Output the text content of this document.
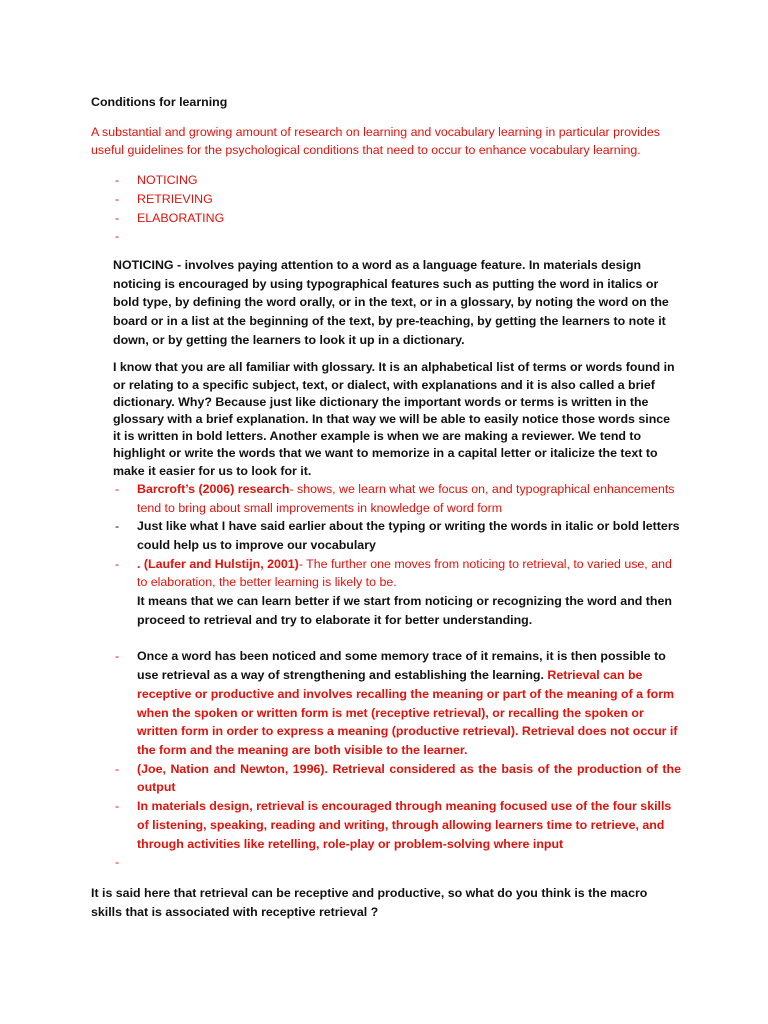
Conditions for learning

A substantial and growing amount of research on learning and vocabulary learning in particular provides useful guidelines for the psychological conditions that need to occur to enhance vocabulary learning.

- NOTICING
- RETRIEVING
- ELABORATING
-

NOTICING - involves paying attention to a word as a language feature. In materials design noticing is encouraged by using typographical features such as putting the word in italics or bold type, by defining the word orally, or in the text, or in a glossary, by noting the word on the board or in a list at the beginning of the text, by pre-teaching, by getting the learners to note it down, or by getting the learners to look it up in a dictionary.

I know that you are all familiar with glossary. It is an alphabetical list of terms or words found in or relating to a specific subject, text, or dialect, with explanations and it is also called a brief dictionary. Why? Because just like dictionary the important words or terms is written in the glossary with a brief explanation. In that way we will be able to easily notice those words since it is written in bold letters. Another example is when we are making a reviewer. We tend to highlight or write the words that we want to memorize in a capital letter or italicize the text to make it easier for us to look for it.

- Barcroft’s (2006) research- shows, we learn what we focus on, and typographical enhancements tend to bring about small improvements in knowledge of word form
- Just like what I have said earlier about the typing or writing the words in italic or bold letters could help us to improve our vocabulary
- . (Laufer and Hulstijn, 2001)- The further one moves from noticing to retrieval, to varied use, and to elaboration, the better learning is likely to be.
It means that we can learn better if we start from noticing or recognizing the word and then proceed to retrieval and try to elaborate it for better understanding.
- Once a word has been noticed and some memory trace of it remains, it is then possible to use retrieval as a way of strengthening and establishing the learning. Retrieval can be receptive or productive and involves recalling the meaning or part of the meaning of a form when the spoken or written form is met (receptive retrieval), or recalling the spoken or written form in order to express a meaning (productive retrieval). Retrieval does not occur if the form and the meaning are both visible to the learner.
- (Joe, Nation and Newton, 1996). Retrieval considered as the basis of the production of the output
- In materials design, retrieval is encouraged through meaning focused use of the four skills of listening, speaking, reading and writing, through allowing learners time to retrieve, and through activities like retelling, role-play or problem-solving where input
-

It is said here that retrieval can be receptive and productive, so what do you think is the macro skills that is associated with receptive retrieval ?
